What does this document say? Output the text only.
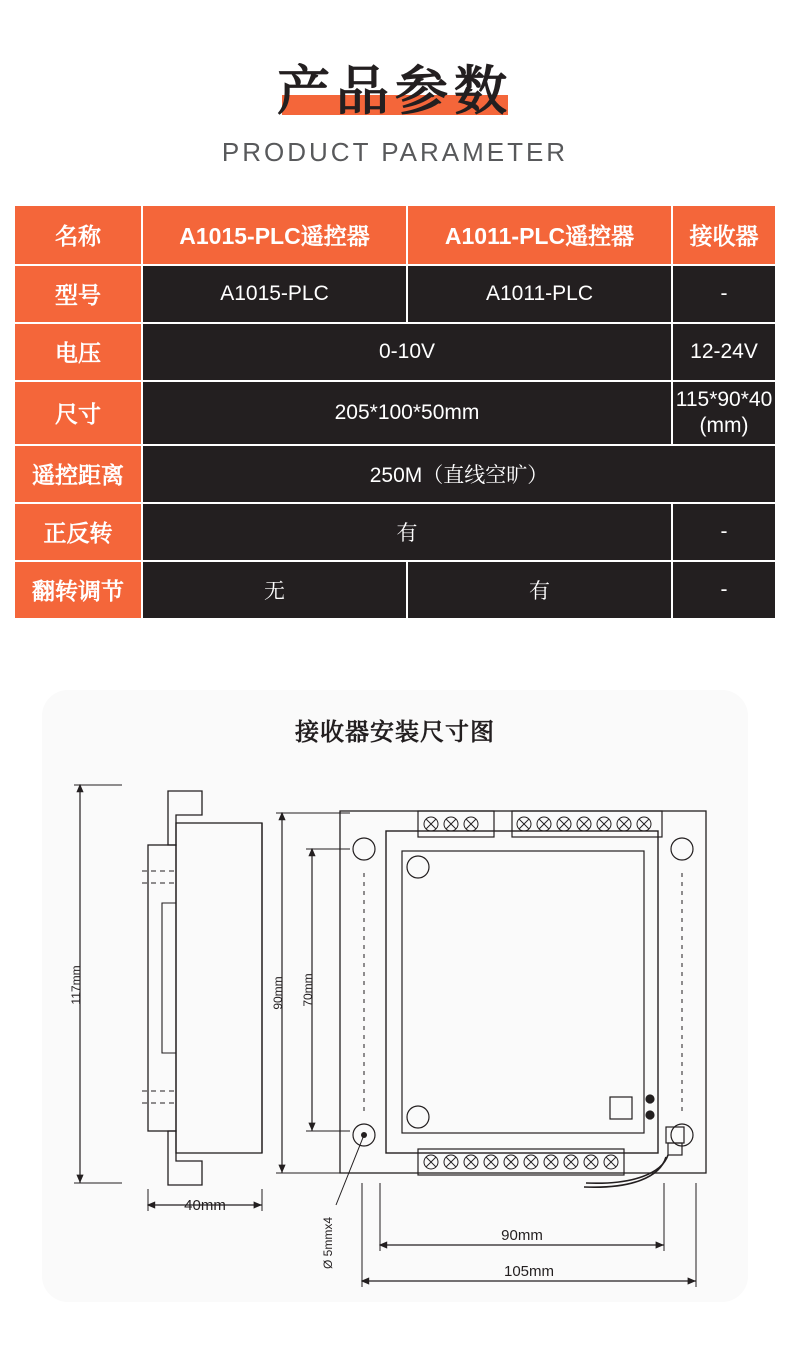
产品参数
PRODUCT PARAMETER
名称	A1015-PLC遥控器	A1011-PLC遥控器	接收器
型号	A1015-PLC	A1011-PLC	-
电压	0-10V		12-24V
尺寸	205*100*50mm		115*90*40
(mm)

遥控距离	250M（直线空旷）		
正反转	有		-
翻转调节	无	有	-
接收器安装尺寸图
117mm	90mm 70mm
40mm
Ø 5mmx4	90mm
105mm
